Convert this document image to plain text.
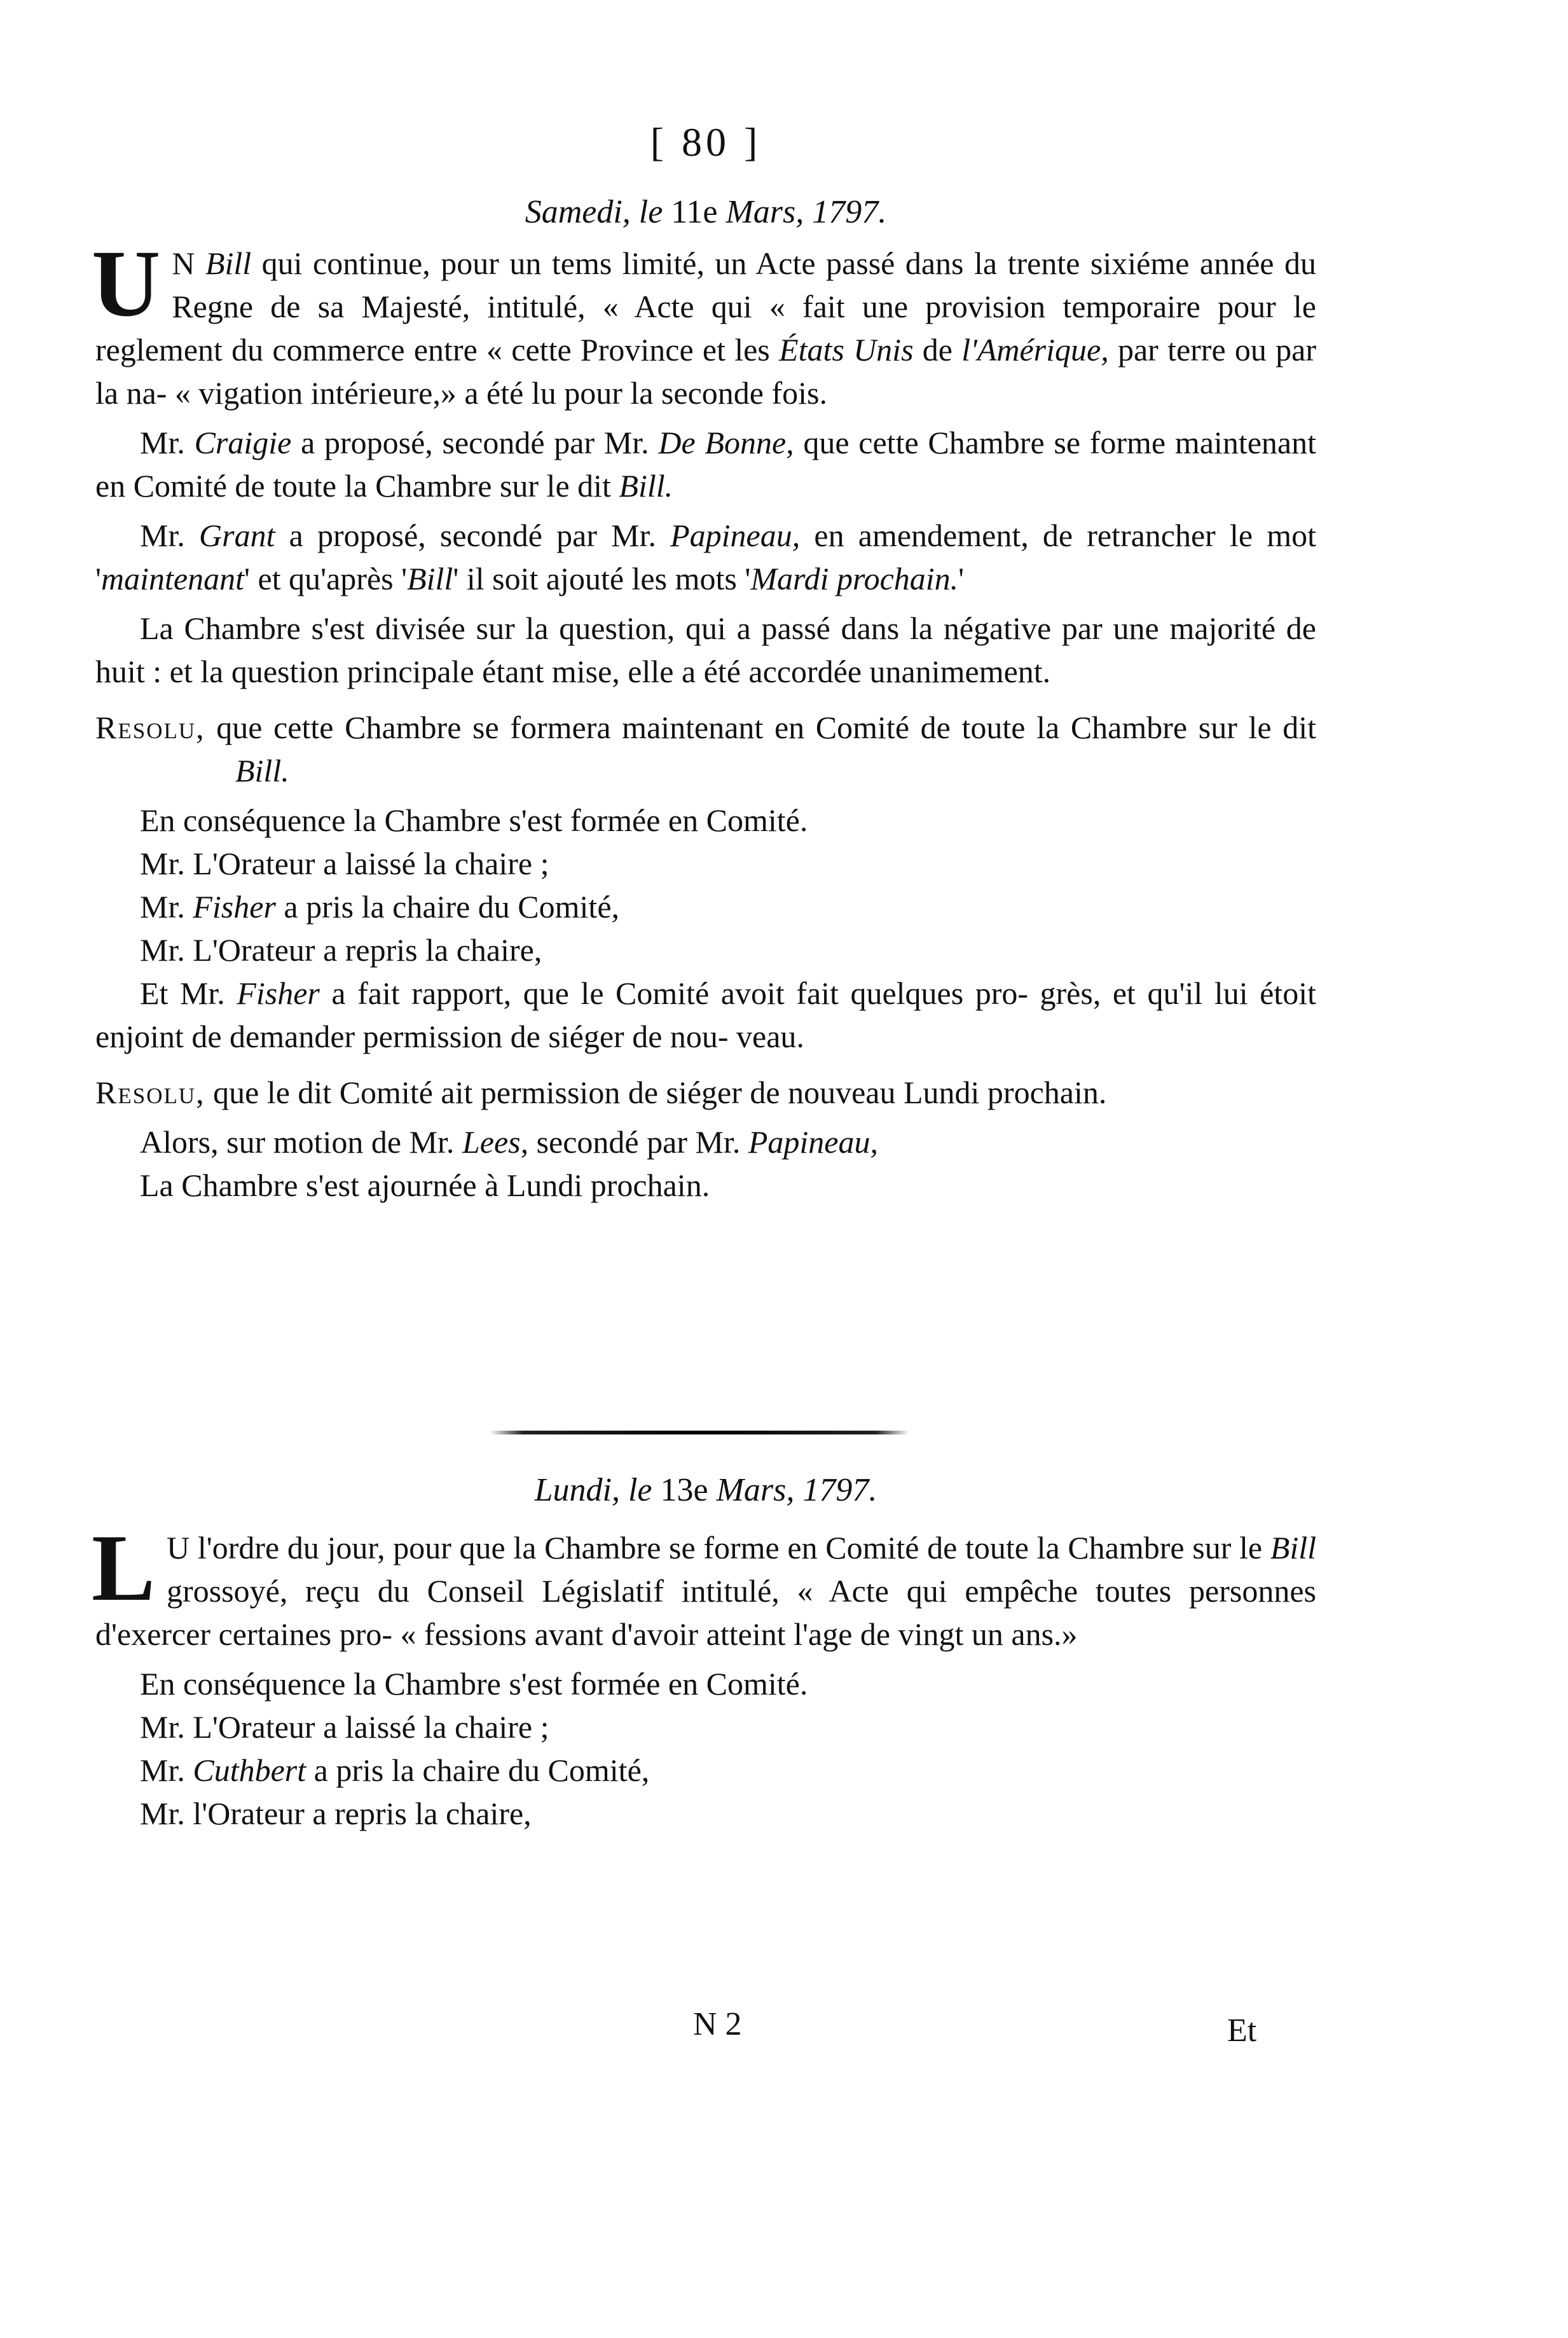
[ 80 ]
Samedi, le 11e Mars, 1797.

U N Bill qui continue, pour un tems limité, un Acte passé dans la trente sixiéme année du Regne de sa Majesté, intitulé, « Acte qui « fait une provision temporaire pour le reglement du commerce entre « cette Province et les États Unis de l'Amérique, par terre ou par la na- « vigation intérieure,» a été lu pour la seconde fois.

Mr. Craigie a proposé, secondé par Mr. De Bonne, que cette Chambre se forme maintenant en Comité de toute la Chambre sur le dit Bill.

Mr. Grant a proposé, secondé par Mr. Papineau, en amendement, de retrancher le mot 'maintenant' et qu'après 'Bill' il soit ajouté les mots 'Mardi prochain.'

La Chambre s'est divisée sur la question, qui a passé dans la négative par une majorité de huit : et la question principale étant mise, elle a été accordée unanimement.

Resolu, que cette Chambre se formera maintenant en Comité de toute la Chambre sur le dit Bill.

En conséquence la Chambre s'est formée en Comité.

Mr. L'Orateur a laissé la chaire ;

Mr. Fisher a pris la chaire du Comité,

Mr. L'Orateur a repris la chaire,

Et Mr. Fisher a fait rapport, que le Comité avoit fait quelques pro- grès, et qu'il lui étoit enjoint de demander permission de siéger de nou- veau.

Resolu, que le dit Comité ait permission de siéger de nouveau Lundi prochain.

Alors, sur motion de Mr. Lees, secondé par Mr. Papineau,

La Chambre s'est ajournée à Lundi prochain.

Lundi, le 13e Mars, 1797.

L U l'ordre du jour, pour que la Chambre se forme en Comité de toute la Chambre sur le Bill grossoyé, reçu du Conseil Législatif intitulé, « Acte qui empêche toutes personnes d'exercer certaines pro- « fessions avant d'avoir atteint l'age de vingt un ans.»

En conséquence la Chambre s'est formée en Comité.

Mr. L'Orateur a laissé la chaire ;

Mr. Cuthbert a pris la chaire du Comité,

Mr. l'Orateur a repris la chaire,

N 2	Et
